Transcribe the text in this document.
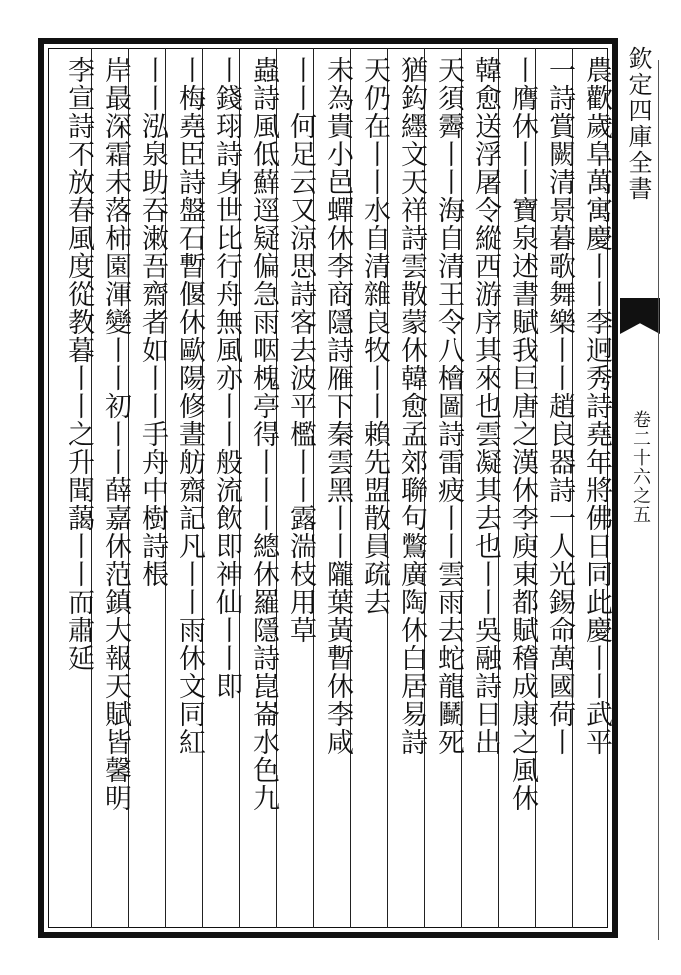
欽定四庫全書
卷二十六之五
農歡歲阜萬寓慶丨丨李迥秀詩堯年將佛日同此慶丨丨武平
一詩賞闕清景暮歌舞樂丨丨趙良器詩一人光錫命萬國荷丨
丨膺休丨丨寶泉述書賦我巨唐之漢休李庾東都賦稽成康之風休
韓愈送浮屠令縱西游序其來也雲凝其去也丨丨吳融詩日出
天須霽丨丨海自清王令八檜圖詩雷疲丨丨雲雨去蛇龍鬭死
猶鈎纆文天祥詩雲散蒙休韓愈孟郊聯句鷩廣陶休白居易詩
天仍在丨丨水自清雜良牧丨丨賴先盟散員疏去
未為貴小邑蟬休李商隱詩雁下秦雲黑丨丨隴葉黃暫休李咸
丨丨何足云又涼思詩客去波平檻丨丨露湍枝用草
蟲詩風低蘚逕疑偏急雨咽槐亭得丨丨丨總休羅隱詩崑崙水色九
丨錢珝詩身世比行舟無風亦丨丨般流飲即神仙丨丨即
丨梅堯臣詩盤石暫偃休歐陽修晝舫齋記凡丨丨雨休文同紅
丨丨泓泉助吞潄吾齋者如丨丨手舟中樹詩棖
岸最深霜未落柿園渾變丨丨初丨丨薛嘉休范鎮大報天賦皆馨明
李宣詩不放春風度從教暮丨丨之升聞藹丨丨而肅延
